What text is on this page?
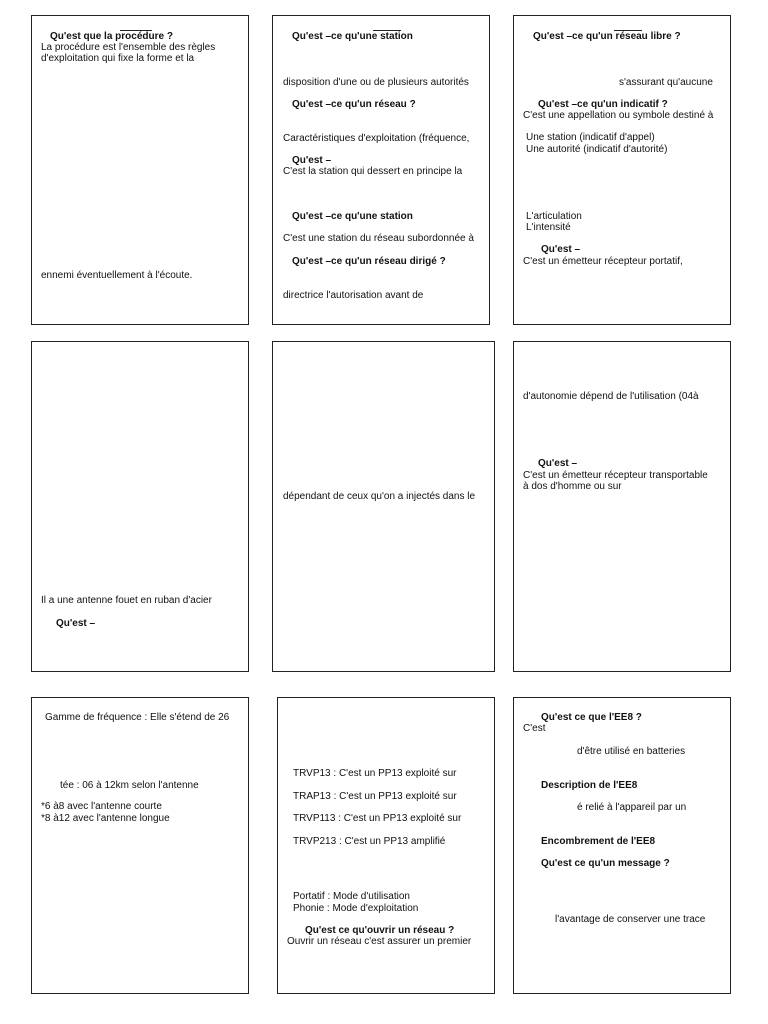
Qu'est que la procédure ?
La procédure est l'ensemble des règles
d'exploitation qui fixe la forme et la
ennemi éventuellement à l'écoute.
Qu'est –ce qu'une station
disposition d'une ou de plusieurs autorités
Qu'est –ce qu'un réseau ?
Caractéristiques d'exploitation (fréquence,
Qu'est –
C'est la station qui dessert en principe la
Qu'est –ce qu'une station
C'est une station du réseau subordonnée à
Qu'est –ce qu'un réseau dirigé ?
directrice l'autorisation avant de
Qu'est –ce qu'un réseau libre ?
s'assurant qu'aucune
Qu'est –ce qu'un indicatif ?
C'est une appellation ou symbole destiné à
Une station (indicatif d'appel)
Une autorité (indicatif d'autorité)
L'articulation
L'intensité
Qu'est –
C'est un émetteur récepteur portatif,
Il a une antenne fouet en ruban d'acier
Qu'est –
dépendant de ceux qu'on a injectés dans le
d'autonomie dépend de l'utilisation (04à
Qu'est –
C'est un émetteur récepteur transportable
à dos d'homme ou sur
Gamme de fréquence : Elle s'étend de 26
tée : 06 à 12km selon l'antenne
*6 à8 avec l'antenne courte
*8 à12 avec l'antenne longue
TRVP13 : C'est un PP13 exploité sur
TRAP13 : C'est un PP13 exploité sur
TRVP113 : C'est un PP13 exploité sur
TRVP213 : C'est un PP13 amplifié
Portatif : Mode d'utilisation
Phonie : Mode d'exploitation
Qu'est ce qu'ouvrir un réseau ?
Ouvrir un réseau c'est assurer un premier
Qu'est ce que l'EE8 ?
C'est
d'être utilisé en batteries
Description de l'EE8
é relié à l'appareil par un
Encombrement de l'EE8
Qu'est ce qu'un message ?
l'avantage de conserver une trace
